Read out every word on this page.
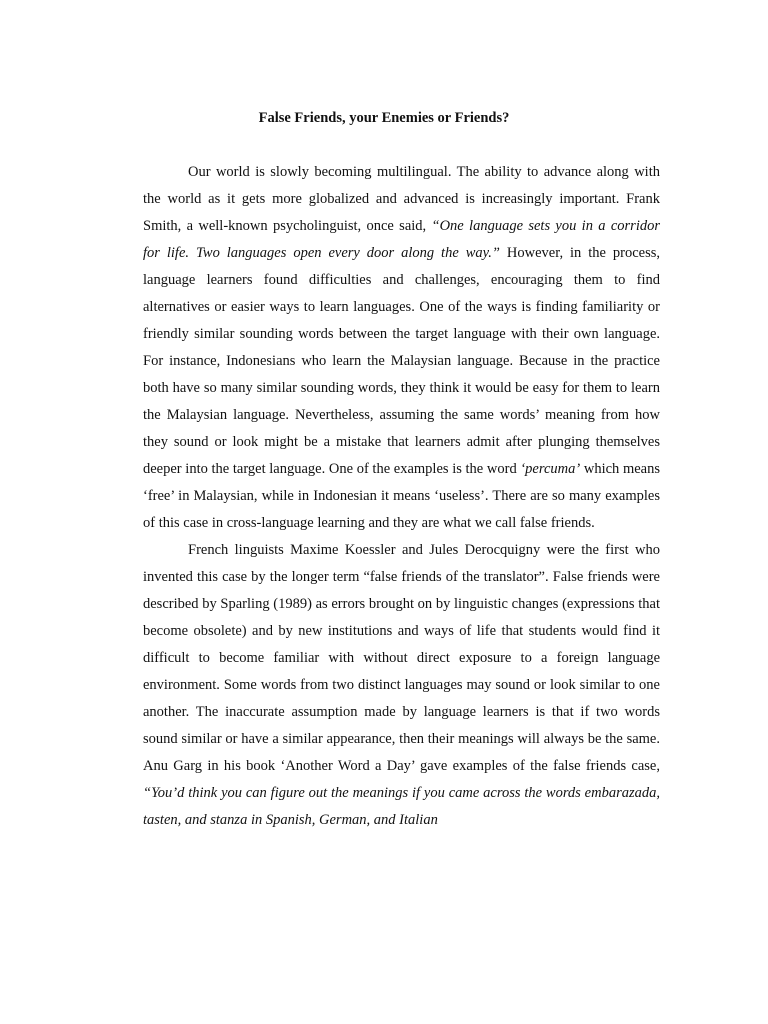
False Friends, your Enemies or Friends?

Our world is slowly becoming multilingual. The ability to advance along with the world as it gets more globalized and advanced is increasingly important. Frank Smith, a well-known psycholinguist, once said, “One language sets you in a corridor for life. Two languages open every door along the way.” However, in the process, language learners found difficulties and challenges, encouraging them to find alternatives or easier ways to learn languages. One of the ways is finding familiarity or friendly similar sounding words between the target language with their own language. For instance, Indonesians who learn the Malaysian language. Because in the practice both have so many similar sounding words, they think it would be easy for them to learn the Malaysian language. Nevertheless, assuming the same words’ meaning from how they sound or look might be a mistake that learners admit after plunging themselves deeper into the target language. One of the examples is the word ‘percuma’ which means ‘free’ in Malaysian, while in Indonesian it means ‘useless’. There are so many examples of this case in cross-language learning and they are what we call false friends.

French linguists Maxime Koessler and Jules Derocquigny were the first who invented this case by the longer term “false friends of the translator”. False friends were described by Sparling (1989) as errors brought on by linguistic changes (expressions that become obsolete) and by new institutions and ways of life that students would find it difficult to become familiar with without direct exposure to a foreign language environment. Some words from two distinct languages may sound or look similar to one another. The inaccurate assumption made by language learners is that if two words sound similar or have a similar appearance, then their meanings will always be the same. Anu Garg in his book ‘Another Word a Day’ gave examples of the false friends case, “You’d think you can figure out the meanings if you came across the words embarazada, tasten, and stanza in Spanish, German, and Italian
